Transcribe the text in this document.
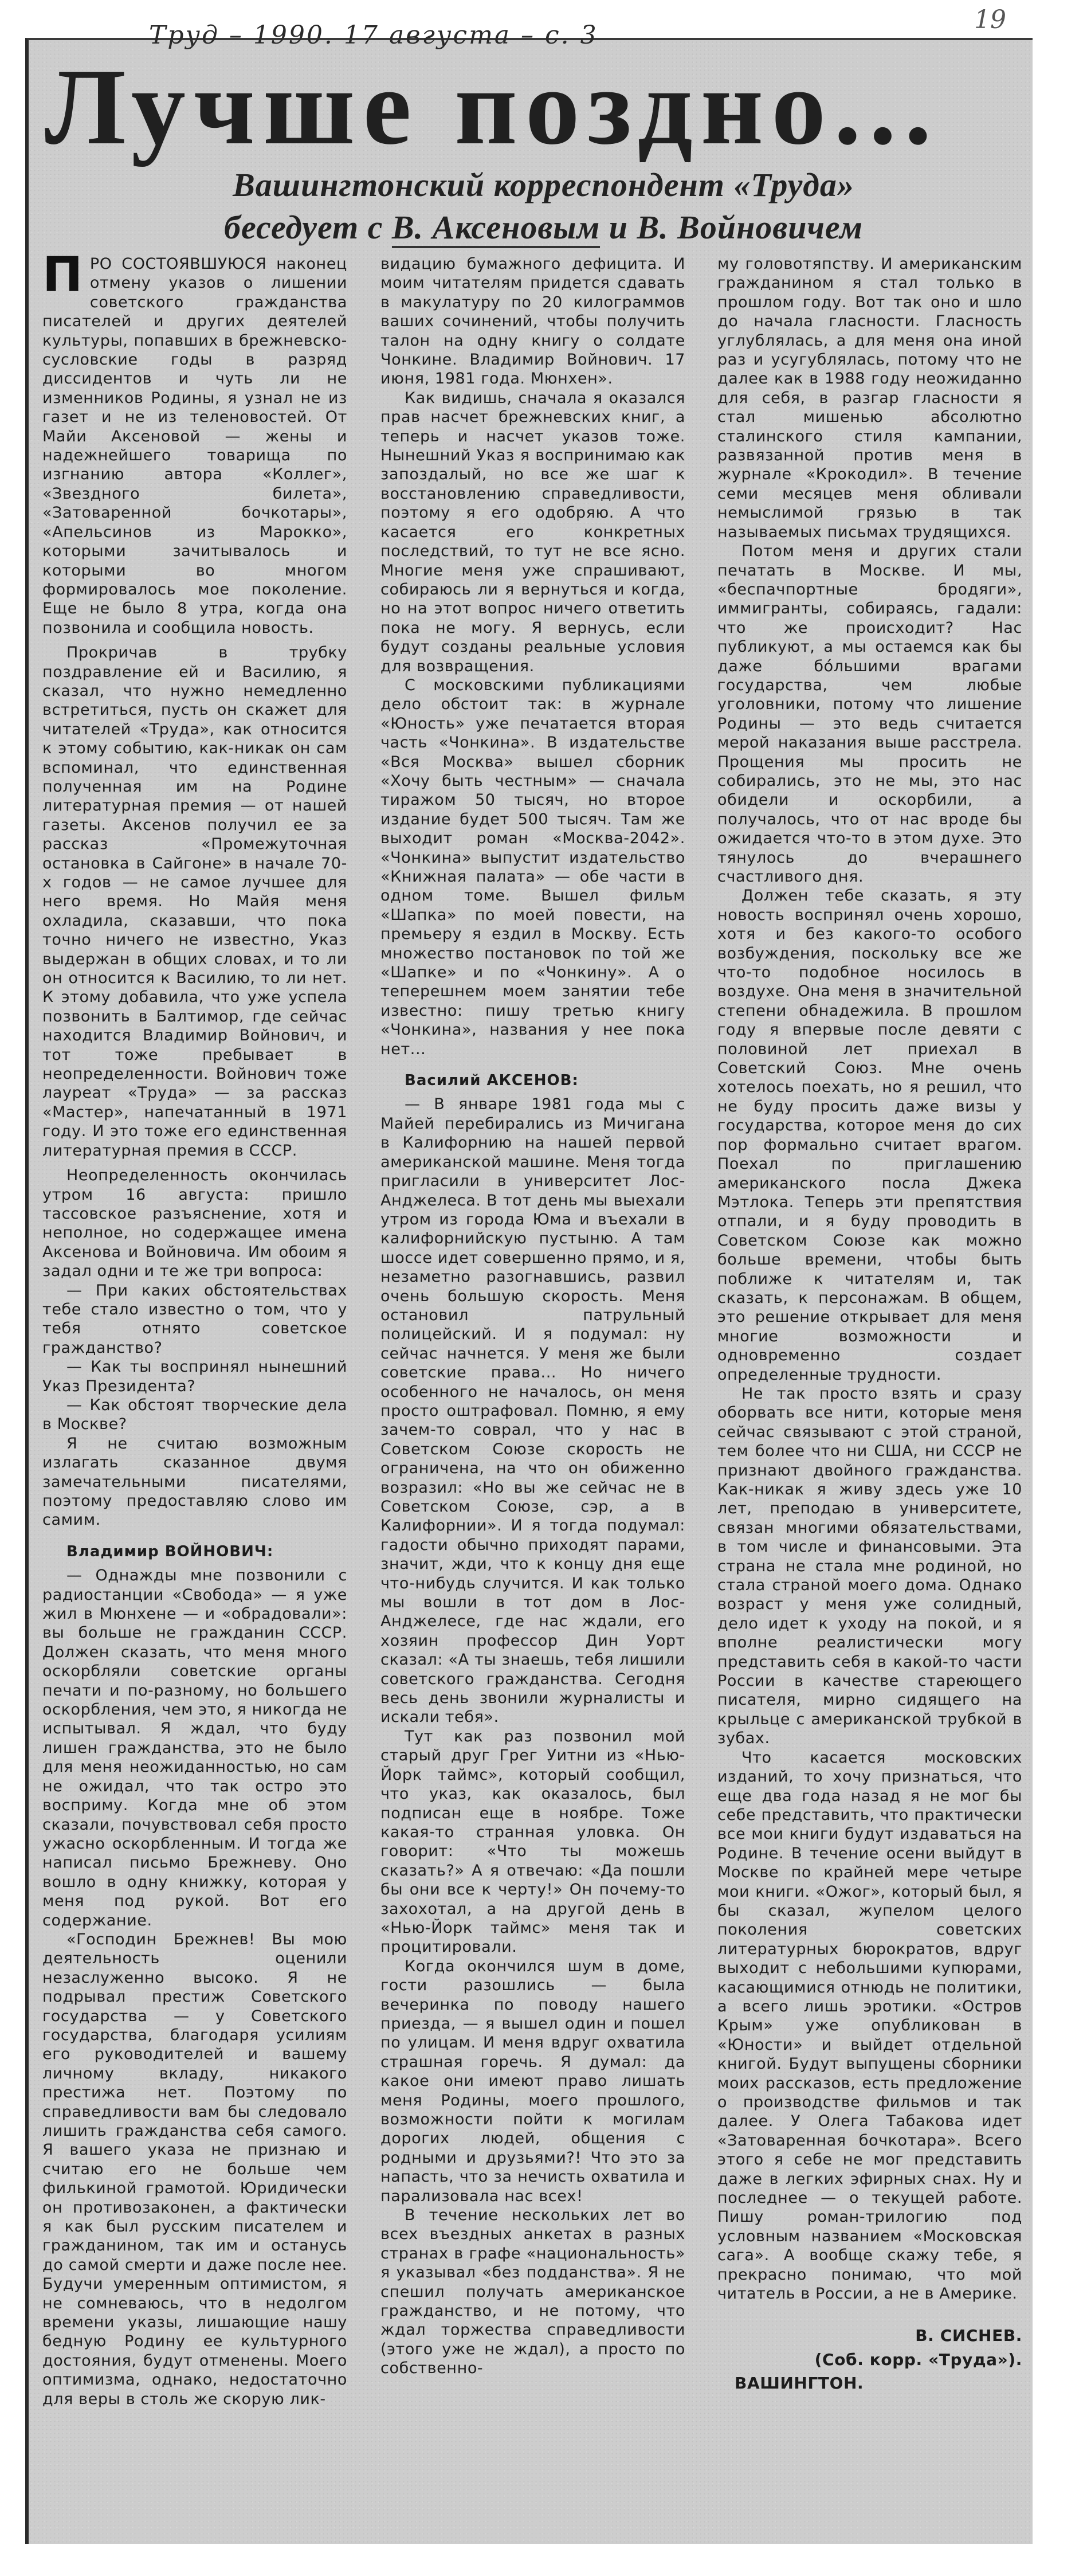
Труд – 1990. 17 августа – с. 3
19
Лучше поздно...
Вашингтонский корреспондент «Труда»
беседует с В. Аксеновым и В. Войновичем

ПРО СОСТОЯВШУЮСЯ наконец отмену указов о лишении советского гражданства писателей и других деятелей культуры, попавших в брежневско-сусловские годы в разряд диссидентов и чуть ли не изменников Родины, я узнал не из газет и не из теленовостей. От Майи Аксеновой — жены и надежнейшего товарища по изгнанию автора «Коллег», «Звездного билета», «Затоваренной бочкотары», «Апельсинов из Марокко», которыми зачитывалось и которыми во многом формировалось мое поколение. Еще не было 8 утра, когда она позвонила и сообщила новость.

Прокричав в трубку поздравление ей и Василию, я сказал, что нужно немедленно встретиться, пусть он скажет для читателей «Труда», как относится к этому событию, как-никак он сам вспоминал, что единственная полученная им на Родине литературная премия — от нашей газеты. Аксенов получил ее за рассказ «Промежуточная остановка в Сайгоне» в начале 70-х годов — не самое лучшее для него время. Но Майя меня охладила, сказавши, что пока точно ничего не известно, Указ выдержан в общих словах, и то ли он относится к Василию, то ли нет. К этому добавила, что уже успела позвонить в Балтимор, где сейчас находится Владимир Войнович, и тот тоже пребывает в неопределенности. Войнович тоже лауреат «Труда» — за рассказ «Мастер», напечатанный в 1971 году. И это тоже его единственная литературная премия в СССР.

Неопределенность окончилась утром 16 августа: пришло тассовское разъяснение, хотя и неполное, но содержащее имена Аксенова и Войновича. Им обоим я задал одни и те же три вопроса:

— При каких обстоятельствах тебе стало известно о том, что у тебя отнято советское гражданство?

— Как ты воспринял нынешний Указ Президента?

— Как обстоят творческие дела в Москве?

Я не считаю возможным излагать сказанное двумя замечательными писателями, поэтому предоставляю слово им самим.

Владимир ВОЙНОВИЧ:

— Однажды мне позвонили с радиостанции «Свобода» — я уже жил в Мюнхене — и «обрадовали»: вы больше не гражданин СССР. Должен сказать, что меня много оскорбляли советские органы печати и по-разному, но большего оскорбления, чем это, я никогда не испытывал. Я ждал, что буду лишен гражданства, это не было для меня неожиданностью, но сам не ожидал, что так остро это восприму. Когда мне об этом сказали, почувствовал себя просто ужасно оскорбленным. И тогда же написал письмо Брежневу. Оно вошло в одну книжку, которая у меня под рукой. Вот его содержание.

«Господин Брежнев! Вы мою деятельность оценили незаслуженно высоко. Я не подрывал престиж Советского государства — у Советского государства, благодаря усилиям его руководителей и вашему личному вкладу, никакого престижа нет. Поэтому по справедливости вам бы следовало лишить гражданства себя самого. Я вашего указа не признаю и считаю его не больше чем филькиной грамотой. Юридически он противозаконен, а фактически я как был русским писателем и гражданином, так им и останусь до самой смерти и даже после нее. Будучи умеренным оптимистом, я не сомневаюсь, что в недолгом времени указы, лишающие нашу бедную Родину ее культурного достояния, будут отменены. Моего оптимизма, однако, недостаточно для веры в столь же скорую лик-

видацию бумажного дефицита. И моим читателям придется сдавать в макулатуру по 20 килограммов ваших сочинений, чтобы получить талон на одну книгу о солдате Чонкине. Владимир Войнович. 17 июня, 1981 года. Мюнхен».

Как видишь, сначала я оказался прав насчет брежневских книг, а теперь и насчет указов тоже. Нынешний Указ я воспринимаю как запоздалый, но все же шаг к восстановлению справедливости, поэтому я его одобряю. А что касается его конкретных последствий, то тут не все ясно. Многие меня уже спрашивают, собираюсь ли я вернуться и когда, но на этот вопрос ничего ответить пока не могу. Я вернусь, если будут созданы реальные условия для возвращения.

С московскими публикациями дело обстоит так: в журнале «Юность» уже печатается вторая часть «Чонкина». В издательстве «Вся Москва» вышел сборник «Хочу быть честным» — сначала тиражом 50 тысяч, но второе издание будет 500 тысяч. Там же выходит роман «Москва-2042». «Чонкина» выпустит издательство «Книжная палата» — обе части в одном томе. Вышел фильм «Шапка» по моей повести, на премьеру я ездил в Москву. Есть множество постановок по той же «Шапке» и по «Чонкину». А о теперешнем моем занятии тебе известно: пишу третью книгу «Чонкина», названия у нее пока нет...

Василий АКСЕНОВ:

— В январе 1981 года мы с Майей перебирались из Мичигана в Калифорнию на нашей первой американской машине. Меня тогда пригласили в университет Лос-Анджелеса. В тот день мы выехали утром из города Юма и въехали в калифорнийскую пустыню. А там шоссе идет совершенно прямо, и я, незаметно разогнавшись, развил очень большую скорость. Меня остановил патрульный полицейский. И я подумал: ну сейчас начнется. У меня же были советские права... Но ничего особенного не началось, он меня просто оштрафовал. Помню, я ему зачем-то соврал, что у нас в Советском Союзе скорость не ограничена, на что он обиженно возразил: «Но вы же сейчас не в Советском Союзе, сэр, а в Калифорнии». И я тогда подумал: гадости обычно приходят парами, значит, жди, что к концу дня еще что-нибудь случится. И как только мы вошли в тот дом в Лос-Анджелесе, где нас ждали, его хозяин профессор Дин Уорт сказал: «А ты знаешь, тебя лишили советского гражданства. Сегодня весь день звонили журналисты и искали тебя».

Тут как раз позвонил мой старый друг Грег Уитни из «Нью-Йорк таймс», который сообщил, что указ, как оказалось, был подписан еще в ноябре. Тоже какая-то странная уловка. Он говорит: «Что ты можешь сказать?» А я отвечаю: «Да пошли бы они все к черту!» Он почему-то захохотал, а на другой день в «Нью-Йорк таймс» меня так и процитировали.

Когда окончился шум в доме, гости разошлись — была вечеринка по поводу нашего приезда, — я вышел один и пошел по улицам. И меня вдруг охватила страшная горечь. Я думал: да какое они имеют право лишать меня Родины, моего прошлого, возможности пойти к могилам дорогих людей, общения с родными и друзьями?! Что это за напасть, что за нечисть охватила и парализовала нас всех!

В течение нескольких лет во всех въездных анкетах в разных странах в графе «национальность» я указывал «без подданства». Я не спешил получать американское гражданство, и не потому, что ждал торжества справедливости (этого уже не ждал), а просто по собственно-

му головотяпству. И американским гражданином я стал только в прошлом году. Вот так оно и шло до начала гласности. Гласность углублялась, а для меня она иной раз и усугублялась, потому что не далее как в 1988 году неожиданно для себя, в разгар гласности я стал мишенью абсолютно сталинского стиля кампании, развязанной против меня в журнале «Крокодил». В течение семи месяцев меня обливали немыслимой грязью в так называемых письмах трудящихся.

Потом меня и других стали печатать в Москве. И мы, «беспачпортные бродяги», иммигранты, собираясь, гадали: что же происходит? Нас публикуют, а мы остаемся как бы даже бóльшими врагами государства, чем любые уголовники, потому что лишение Родины — это ведь считается мерой наказания выше расстрела. Прощения мы просить не собирались, это не мы, это нас обидели и оскорбили, а получалось, что от нас вроде бы ожидается что-то в этом духе. Это тянулось до вчерашнего счастливого дня.

Должен тебе сказать, я эту новость воспринял очень хорошо, хотя и без какого-то особого возбуждения, поскольку все же что-то подобное носилось в воздухе. Она меня в значительной степени обнадежила. В прошлом году я впервые после девяти с половиной лет приехал в Советский Союз. Мне очень хотелось поехать, но я решил, что не буду просить даже визы у государства, которое меня до сих пор формально считает врагом. Поехал по приглашению американского посла Джека Мэтлока. Теперь эти препятствия отпали, и я буду проводить в Советском Союзе как можно больше времени, чтобы быть поближе к читателям и, так сказать, к персонажам. В общем, это решение открывает для меня многие возможности и одновременно создает определенные трудности.

Не так просто взять и сразу оборвать все нити, которые меня сейчас связывают с этой страной, тем более что ни США, ни СССР не признают двойного гражданства. Как-никак я живу здесь уже 10 лет, преподаю в университете, связан многими обязательствами, в том числе и финансовыми. Эта страна не стала мне родиной, но стала страной моего дома. Однако возраст у меня уже солидный, дело идет к уходу на покой, и я вполне реалистически могу представить себя в какой-то части России в качестве стареющего писателя, мирно сидящего на крыльце с американской трубкой в зубах.

Что касается московских изданий, то хочу признаться, что еще два года назад я не мог бы себе представить, что практически все мои книги будут издаваться на Родине. В течение осени выйдут в Москве по крайней мере четыре мои книги. «Ожог», который был, я бы сказал, жупелом целого поколения советских литературных бюрократов, вдруг выходит с небольшими купюрами, касающимися отнюдь не политики, а всего лишь эротики. «Остров Крым» уже опубликован в «Юности» и выйдет отдельной книгой. Будут выпущены сборники моих рассказов, есть предложение о производстве фильмов и так далее. У Олега Табакова идет «Затоваренная бочкотара». Всего этого я себе не мог представить даже в легких эфирных снах. Ну и последнее — о текущей работе. Пишу роман-трилогию под условным названием «Московская сага». А вообще скажу тебе, я прекрасно понимаю, что мой читатель в России, а не в Америке.

В. СИСНЕВ.
(Соб. корр. «Труда»).
ВАШИНГТОН.
